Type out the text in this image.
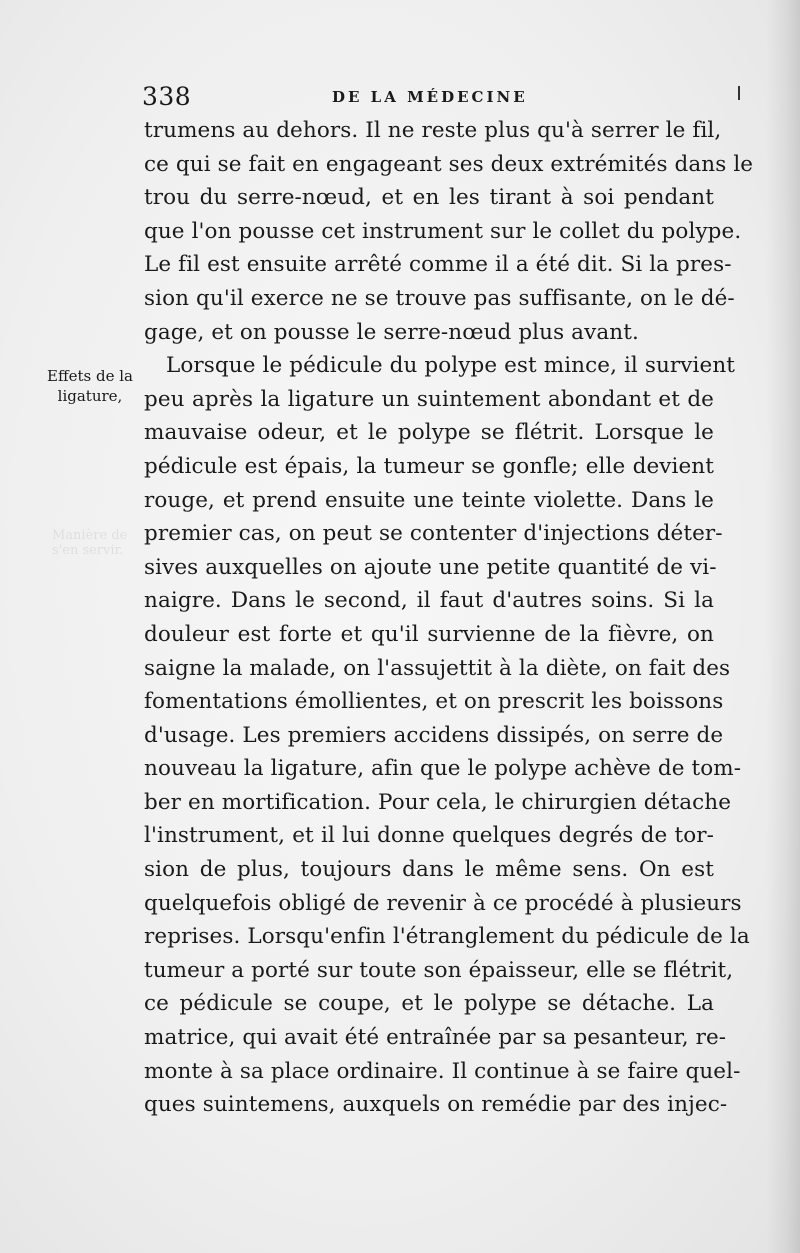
338	DE LA MÉDECINE
Manière de
s'en servir.
Effets de la
ligature,
trumens au dehors. Il ne reste plus qu'à serrer le fil,
ce qui se fait en engageant ses deux extrémités dans le
trou du serre-nœud, et en les tirant à soi pendant
que l'on pousse cet instrument sur le collet du polype.
Le fil est ensuite arrêté comme il a été dit. Si la pres-
sion qu'il exerce ne se trouve pas suffisante, on le dé-
gage, et on pousse le serre-nœud plus avant.
Lorsque le pédicule du polype est mince, il survient
peu après la ligature un suintement abondant et de
mauvaise odeur, et le polype se flétrit. Lorsque le
pédicule est épais, la tumeur se gonfle; elle devient
rouge, et prend ensuite une teinte violette. Dans le
premier cas, on peut se contenter d'injections déter-
sives auxquelles on ajoute une petite quantité de vi-
naigre. Dans le second, il faut d'autres soins. Si la
douleur est forte et qu'il survienne de la fièvre, on
saigne la malade, on l'assujettit à la diète, on fait des
fomentations émollientes, et on prescrit les boissons
d'usage. Les premiers accidens dissipés, on serre de
nouveau la ligature, afin que le polype achève de tom-
ber en mortification. Pour cela, le chirurgien détache
l'instrument, et il lui donne quelques degrés de tor-
sion de plus, toujours dans le même sens. On est
quelquefois obligé de revenir à ce procédé à plusieurs
reprises. Lorsqu'enfin l'étranglement du pédicule de la
tumeur a porté sur toute son épaisseur, elle se flétrit,
ce pédicule se coupe, et le polype se détache. La
matrice, qui avait été entraînée par sa pesanteur, re-
monte à sa place ordinaire. Il continue à se faire quel-
ques suintemens, auxquels on remédie par des injec-
